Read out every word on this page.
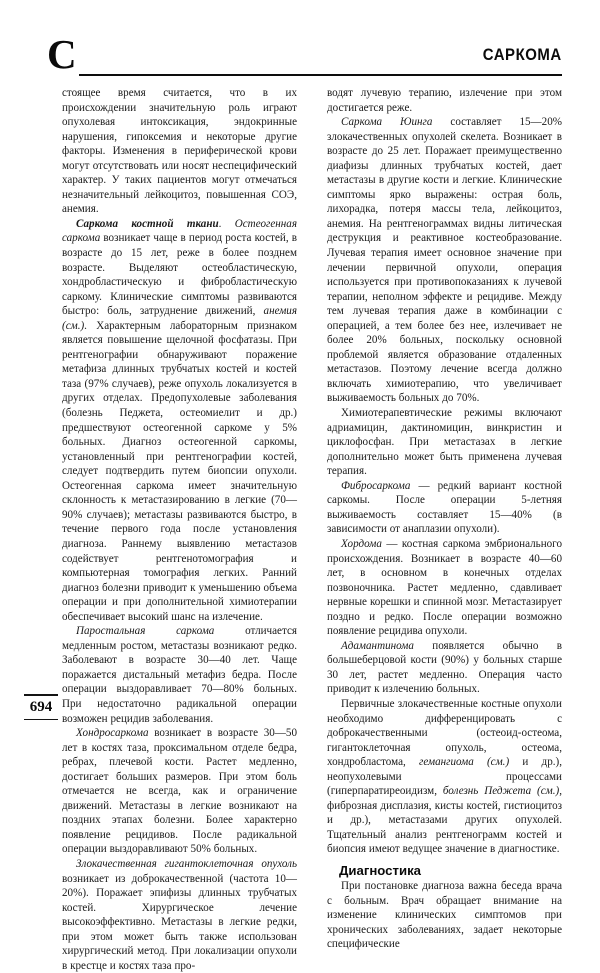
C	САРКОМА

стоящее время считается, что в их происхождении значительную роль играют опухолевая интоксикация, эндокринные нарушения, гипоксемия и некоторые другие факторы. Изменения в периферической крови могут отсутствовать или носят неспецифический характер. У таких пациентов могут отмечаться незначительный лейкоцитоз, повышенная СОЭ, анемия.

Саркома костной ткани. Остеогенная саркома возникает чаще в период роста костей, в возрасте до 15 лет, реже в более позднем возрасте. Выделяют остеобластическую, хондробластическую и фибробластическую саркому. Клинические симптомы развиваются быстро: боль, затруднение движений, анемия (см.). Характерным лабораторным признаком является повышение щелочной фосфатазы. При рентгенографии обнаруживают поражение метафиза длинных трубчатых костей и костей таза (97% случаев), реже опухоль локализуется в других отделах. Предопухолевые заболевания (болезнь Педжета, остеомиелит и др.) предшествуют остеогенной саркоме у 5% больных. Диагноз остеогенной саркомы, установленный при рентгенографии костей, следует подтвердить путем биопсии опухоли. Остеогенная саркома имеет значительную склонность к метастазированию в легкие (70—90% случаев); метастазы развиваются быстро, в течение первого года после установления диагноза. Раннему выявлению метастазов содействует рентгенотомография и компьютерная томография легких. Ранний диагноз болезни приводит к уменьшению объема операции и при дополнительной химиотерапии обеспечивает высокий шанс на излечение.

Паростальная саркома отличается медленным ростом, метастазы возникают редко. Заболевают в возрасте 30—40 лет. Чаще поражается дистальный метафиз бедра. После операции выздоравливает 70—80% больных. При недостаточно радикальной операции возможен рецидив заболевания.

Хондросаркома возникает в возрасте 30—50 лет в костях таза, проксимальном отделе бедра, ребрах, плечевой кости. Растет медленно, достигает больших размеров. При этом боль отмечается не всегда, как и ограничение движений. Метастазы в легкие возникают на поздних этапах болезни. Более характерно появление рецидивов. После радикальной операции выздоравливают 50% больных.

Злокачественная гигантоклеточная опухоль возникает из доброкачественной (частота 10—20%). Поражает эпифизы длинных трубчатых костей. Хирургическое лечение высокоэффективно. Метастазы в легкие редки, при этом может быть также использован хирургический метод. При локализации опухоли в крестце и костях таза про-

водят лучевую терапию, излечение при этом достигается реже.

Саркома Юинга составляет 15—20% злокачественных опухолей скелета. Возникает в возрасте до 25 лет. Поражает преимущественно диафизы длинных трубчатых костей, дает метастазы в другие кости и легкие. Клинические симптомы ярко выражены: острая боль, лихорадка, потеря массы тела, лейкоцитоз, анемия. На рентгенограммах видны литическая деструкция и реактивное костеобразование. Лучевая терапия имеет основное значение при лечении первичной опухоли, операция используется при противопоказаниях к лучевой терапии, неполном эффекте и рецидиве. Между тем лучевая терапия даже в комбинации с операцией, а тем более без нее, излечивает не более 20% больных, поскольку основной проблемой является образование отдаленных метастазов. Поэтому лечение всегда должно включать химиотерапию, что увеличивает выживаемость больных до 70%.

Химиотерапевтические режимы включают адриамицин, дактиномицин, винкристин и циклофосфан. При метастазах в легкие дополнительно может быть применена лучевая терапия.

Фибросаркома — редкий вариант костной саркомы. После операции 5-летняя выживаемость составляет 15—40% (в зависимости от анаплазии опухоли).

Хордома — костная саркома эмбрионального происхождения. Возникает в возрасте 40—60 лет, в основном в конечных отделах позвоночника. Растет медленно, сдавливает нервные корешки и спинной мозг. Метастазирует поздно и редко. После операции возможно появление рецидива опухоли.

Адамантинома появляется обычно в большеберцовой кости (90%) у больных старше 30 лет, растет медленно. Операция часто приводит к излечению больных.

Первичные злокачественные костные опухоли необходимо дифференцировать с доброкачественными (остеоид-остеома, гигантоклеточная опухоль, остеома, хондробластома, гемангиома (см.) и др.), неопухолевыми процессами (гиперпаратиреоидизм, болезнь Педжета (см.), фиброзная дисплазия, кисты костей, гистиоцитоз и др.), метастазами других опухолей. Тщательный анализ рентгенограмм костей и биопсия имеют ведущее значение в диагностике.

Диагностика

При постановке диагноза важна беседа врача с больным. Врач обращает внимание на изменение клинических симптомов при хронических заболеваниях, задает некоторые специфические

694
